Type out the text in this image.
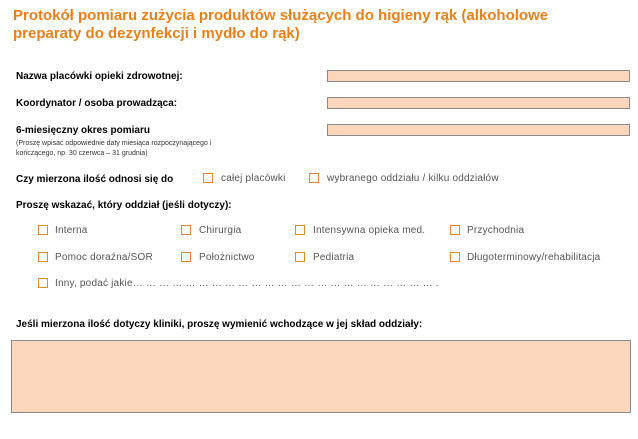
Protokół pomiaru zużycia produktów służących do higieny rąk (alkoholowe preparaty do dezynfekcji i mydło do rąk)
Nazwa placówki opieki zdrowotnej:
Koordynator / osoba prowadząca:
6-miesięczny okres pomiaru
(Proszę wpisać odpowiednie daty miesiąca rozpoczynającego i
kończącego, np. 30 czerwca – 31 grudnia)
Czy mierzona ilość odnosi się do	całej placówki	wybranego oddziału / kilku oddziałów
Proszę wskazać, który oddział (jeśli dotyczy):
Interna	Chirurgia	Intensywna opieka med.	Przychodnia
Pomoc doraźna/SOR	Położnictwo	Pediatria	Długoterminowy/rehabilitacja
Inny, podać jakie… … … … … … … … … … … … … … … … … … … … … … … .
Jeśli mierzona ilość dotyczy kliniki, proszę wymienić wchodzące w jej skład oddziały:
